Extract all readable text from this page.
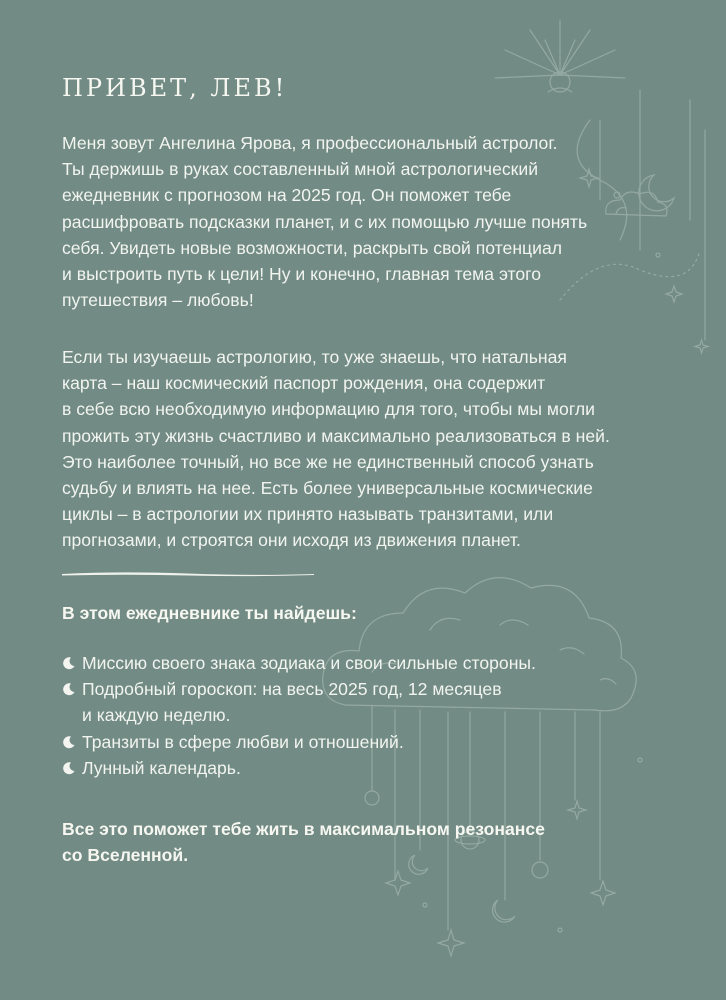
ПРИВЕТ, ЛЕВ!

Меня зовут Ангелина Ярова, я профессиональный астролог.
Ты держишь в руках составленный мной астрологический
ежедневник с прогнозом на 2025 год. Он поможет тебе
расшифровать подсказки планет, и с их помощью лучше понять
себя. Увидеть новые возможности, раскрыть свой потенциал
и выстроить путь к цели! Ну и конечно, главная тема этого
путешествия – любовь!

Если ты изучаешь астрологию, то уже знаешь, что натальная
карта – наш космический паспорт рождения, она содержит
в себе всю необходимую информацию для того, чтобы мы могли
прожить эту жизнь счастливо и максимально реализоваться в ней.
Это наиболее точный, но все же не единственный способ узнать
судьбу и влиять на нее. Есть более универсальные космические
циклы – в астрологии их принято называть транзитами, или
прогнозами, и строятся они исходя из движения планет.

В этом ежедневнике ты найдешь:
Миссию своего знака зодиака и свои сильные стороны.
Подробный гороскоп: на весь 2025 год, 12 месяцев
и каждую неделю.
Транзиты в сфере любви и отношений.
Лунный календарь.

Все это поможет тебе жить в максимальном резонансе
со Вселенной.
